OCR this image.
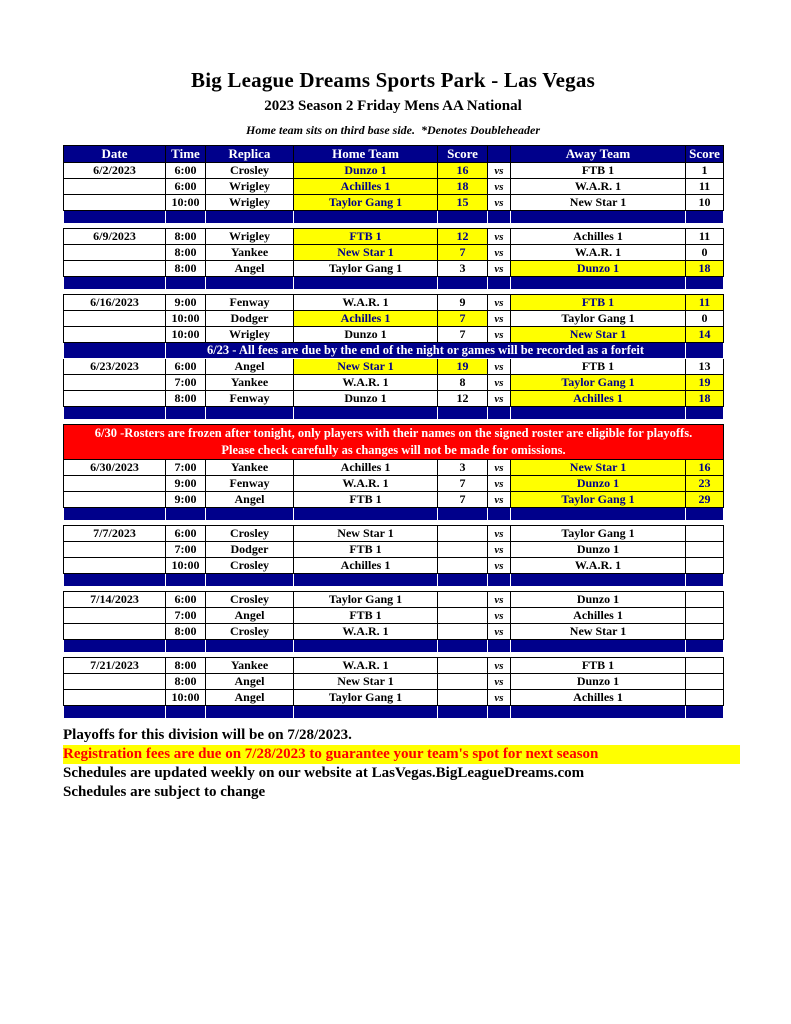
Big League Dreams Sports Park - Las Vegas
2023 Season 2 Friday Mens AA National
Home team sits on third base side.  *Denotes Doubleheader
Date	Time	Replica	Home Team	Score		Away Team	Score
6/2/2023	6:00	Crosley	Dunzo 1	16	vs	FTB 1	1
	6:00	Wrigley	Achilles 1	18	vs	W.A.R. 1	11
	10:00	Wrigley	Taylor Gang 1	15	vs	New Star 1	10

6/9/2023	8:00	Wrigley	FTB 1	12	vs	Achilles 1	11
	8:00	Yankee	New Star 1	7	vs	W.A.R. 1	0
	8:00	Angel	Taylor Gang 1	3	vs	Dunzo 1	18

6/16/2023	9:00	Fenway	W.A.R. 1	9	vs	FTB 1	11
	10:00	Dodger	Achilles 1	7	vs	Taylor Gang 1	0
	10:00	Wrigley	Dunzo 1	7	vs	New Star 1	14
	6/23 - All fees are due by the end of the night or games will be recorded as a forfeit						
6/23/2023	6:00	Angel	New Star 1	19	vs	FTB 1	13
	7:00	Yankee	W.A.R. 1	8	vs	Taylor Gang 1	19
	8:00	Fenway	Dunzo 1	12	vs	Achilles 1	18

6/30 -Rosters are frozen after tonight, only players with their names on the signed roster are eligible for playoffs.
Please check carefully as changes will not be made for omissions.							

6/30/2023	7:00	Yankee	Achilles 1	3	vs	New Star 1	16
	9:00	Fenway	W.A.R. 1	7	vs	Dunzo 1	23
	9:00	Angel	FTB 1	7	vs	Taylor Gang 1	29

7/7/2023	6:00	Crosley	New Star 1		vs	Taylor Gang 1	
	7:00	Dodger	FTB 1		vs	Dunzo 1	
	10:00	Crosley	Achilles 1		vs	W.A.R. 1	

7/14/2023	6:00	Crosley	Taylor Gang 1		vs	Dunzo 1	
	7:00	Angel	FTB 1		vs	Achilles 1	
	8:00	Crosley	W.A.R. 1		vs	New Star 1	

7/21/2023	8:00	Yankee	W.A.R. 1		vs	FTB 1	
	8:00	Angel	New Star 1		vs	Dunzo 1	
	10:00	Angel	Taylor Gang 1		vs	Achilles 1	

Playoffs for this division will be on 7/28/2023.
Registration fees are due on 7/28/2023 to guarantee your team's spot for next season
Schedules are updated weekly on our website at LasVegas.BigLeagueDreams.com
Schedules are subject to change
